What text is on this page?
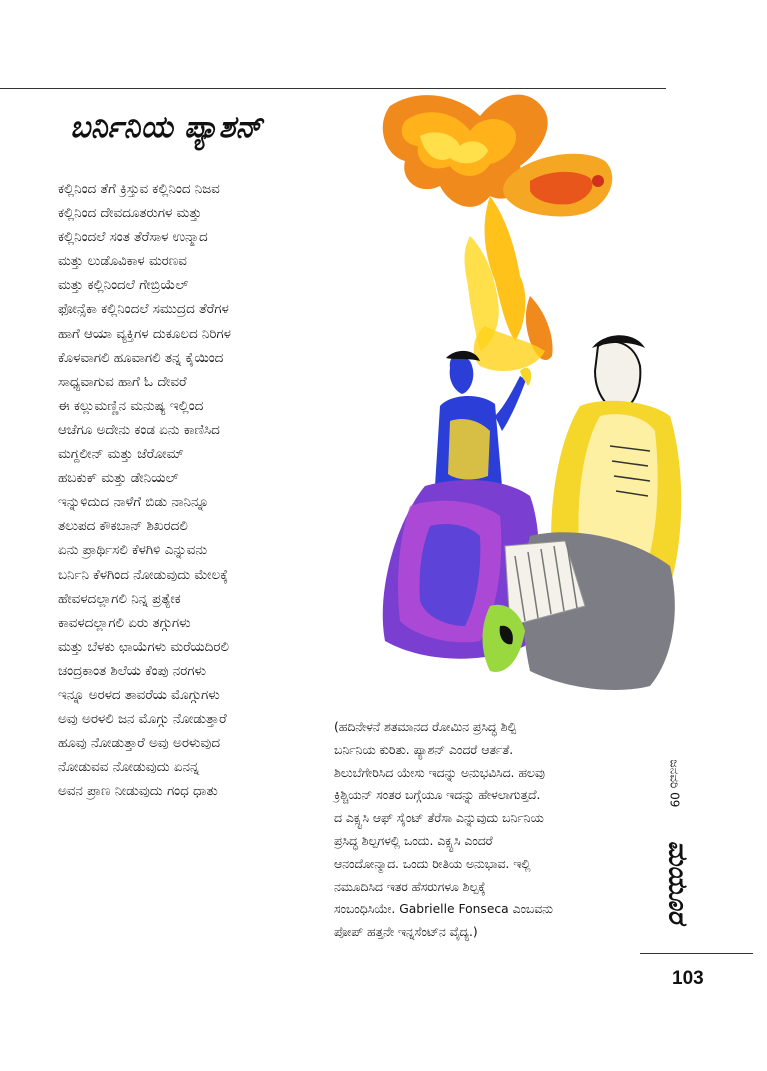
ಬರ್ನಿನಿಯ ಪ್ಯಾಶನ್
ಕಲ್ಲಿನಿಂದ ತೆಗೆ ಕ್ರಿಸ್ತುವ ಕಲ್ಲಿನಿಂದ ನಿಜವ
ಕಲ್ಲಿನಿಂದ ದೇವದೂತರುಗಳ ಮತ್ತು
ಕಲ್ಲಿನಿಂದಲೆ ಸಂತ ತೆರೆಸಾಳ ಉನ್ಮಾದ
ಮತ್ತು ಲುಡೊವಿಕಾಳ ಮರಣವ
ಮತ್ತು ಕಲ್ಲಿನಿಂದಲೆ ಗೇಬ್ರಿಯೆಲ್
ಫೋನ್ಸೆಕಾ ಕಲ್ಲಿನಿಂದಲೆ ಸಮುದ್ರದ ತೆರೆಗಳ
ಹಾಗೆ ಆಯಾ ವ್ಯಕ್ತಿಗಳ ದುಕೂಲದ ನಿರಿಗಳ
ಕೊಳವಾಗಲಿ ಹೂವಾಗಲಿ ತನ್ನ ಕೈಯಿಂದ
ಸಾಧ್ಯವಾಗುವ ಹಾಗೆ ಓ ದೇವರೆ
ಈ ಕಲ್ಲುಮಣ್ಣಿನ ಮನುಷ್ಯ ಇಲ್ಲಿಂದ
ಆಚೆಗೂ ಅದೇನು ಕಂಡ ಏನು ಕಾಣಿಸಿದ
ಮಗ್ದಲೀನ್ ಮತ್ತು ಜೆರೋಮ್
ಹಬಕುಕ್ ಮತ್ತು ಡೇನಿಯಲ್
ಇನ್ನುಳಿದುದ ನಾಳೆಗೆ ಬಿಡು ನಾನಿನ್ನೂ
ತಲುಪದ ಕೌಕಬಾನ್ ಶಿಖರದಲಿ
ಏನು ಪ್ರಾರ್ಥಿಸಲಿ ಕೆಳಗಿಳಿ ಎನ್ನುವನು
ಬರ್ನಿನಿ ಕೆಳಗಿಂದ ನೋಡುವುದು ಮೇಲಕ್ಕೆ
ಹೇವಳದಲ್ಲಾಗಲಿ ನಿನ್ನ ಪ್ರತ್ಯೇಕ
ಕಾವಳದಲ್ಲಾಗಲಿ ಏರು ತಗ್ಗುಗಳು
ಮತ್ತು ಬೆಳಕು ಛಾಯೆಗಳು ಮರೆಯದಿರಲಿ
ಚಂದ್ರಕಾಂತ ಶಿಲೆಯ ಕೆಂಪು ನರಗಳು
ಇನ್ನೂ ಅರಳದ ತಾವರೆಯ ಮೊಗ್ಗುಗಳು
ಅವು ಅರಳಲಿ ಜನ ಮೊಗ್ಗು ನೋಡುತ್ತಾರೆ
ಹೂವು ನೋಡುತ್ತಾರೆ ಅವು ಅರಳುವುದ
ನೋಡುವವ ನೋಡುವುದು ಏನನ್ನ
ಅವನ ಪ್ರಾಣ ನೀಡುವುದು ಗಂಧ ಧಾತು
(ಹದಿನೇಳನೆ ಶತಮಾನದ ರೋಮಿನ ಪ್ರಸಿದ್ಧ ಶಿಲ್ಪಿ
ಬರ್ನಿನಿಯ ಕುರಿತು. ಪ್ಯಾಶನ್ ಎಂದರೆ ಆರ್ತತೆ.
ಶಿಲುಬೆಗೇರಿಸಿದ ಯೇಸು ಇದನ್ನು ಅನುಭವಿಸಿದ. ಹಲವು
ಕ್ರಿಶ್ಚಿಯನ್ ಸಂತರ ಬಗ್ಗೆಯೂ ಇದನ್ನು ಹೇಳಲಾಗುತ್ತದೆ.
ದ ಎಕ್ಸ್ಟಸಿ ಆಫ್ ಸೈಂಟ್ ತೆರೆಸಾ ಎನ್ನುವುದು ಬರ್ನಿನಿಯ
ಪ್ರಸಿದ್ಧ ಶಿಲ್ಪಗಳಲ್ಲಿ ಒಂದು. ಎಕ್ಸ್ಟಸಿ ಎಂದರೆ
ಆನಂದೋನ್ಮಾದ. ಒಂದು ರೀತಿಯ ಅನುಭಾವ. ಇಲ್ಲಿ
ನಮೂದಿಸಿದ ಇತರ ಹೆಸರುಗಳೂ ಶಿಲ್ಪಕ್ಕೆ
ಸಂಬಂಧಿಸಿಯೇ. Gabrielle Fonseca ಎಂಬವನು
ಪೋಪ್ ಹತ್ತನೇ ಇನ್ನಸೆಂಟ್‌ನ ವೈದ್ಯ.)
ಮಯೂರ
ಜನವರಿ 09
103
